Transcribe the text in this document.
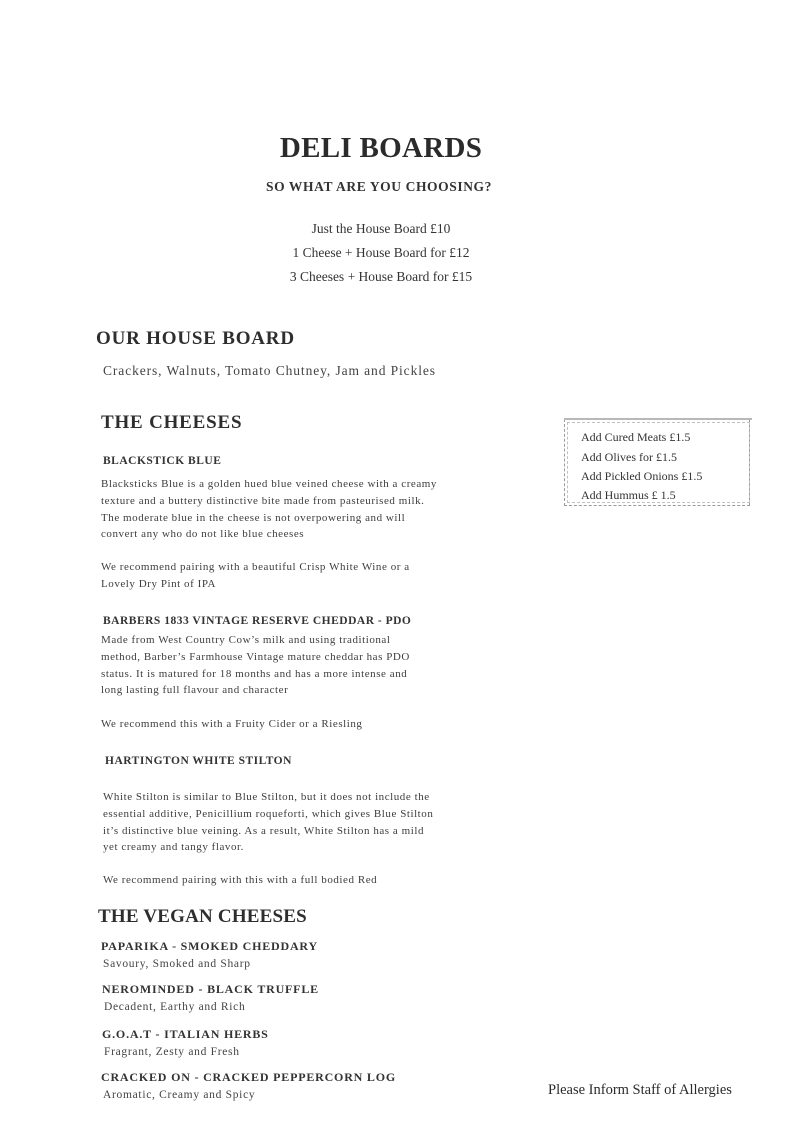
DELI BOARDS
SO WHAT ARE YOU CHOOSING?
Just the House Board £10
1 Cheese + House Board for £12
3 Cheeses + House Board for £15
OUR HOUSE BOARD
Crackers, Walnuts, Tomato Chutney, Jam and Pickles
THE CHEESES
BLACKSTICK BLUE
Blacksticks Blue is a golden hued blue veined cheese with a creamy
texture and a buttery distinctive bite made from pasteurised milk.
The moderate blue in the cheese is not overpowering and will
convert any who do not like blue cheeses
We recommend pairing with a beautiful Crisp White Wine or a
Lovely Dry Pint of IPA
BARBERS 1833 VINTAGE RESERVE CHEDDAR - PDO
Made from West Country Cow’s milk and using traditional
method, Barber’s Farmhouse Vintage mature cheddar has PDO
status. It is matured for 18 months and has a more intense and
long lasting full flavour and character
We recommend this with a Fruity Cider or a Riesling
HARTINGTON WHITE STILTON
White Stilton is similar to Blue Stilton, but it does not include the
essential additive, Penicillium roqueforti, which gives Blue Stilton
it’s distinctive blue veining. As a result, White Stilton has a mild
yet creamy and tangy flavor.
We recommend pairing with this with a full bodied Red
Add Cured Meats £1.5
Add Olives for £1.5
Add Pickled Onions £1.5
Add Hummus £ 1.5
THE VEGAN CHEESES
PAPARIKA - SMOKED CHEDDARY
Savoury, Smoked and Sharp
NEROMINDED - BLACK TRUFFLE
Decadent, Earthy and Rich
G.O.A.T - ITALIAN HERBS
Fragrant, Zesty and Fresh
CRACKED ON - CRACKED PEPPERCORN LOG
Aromatic, Creamy and Spicy	Please Inform Staff of Allergies
